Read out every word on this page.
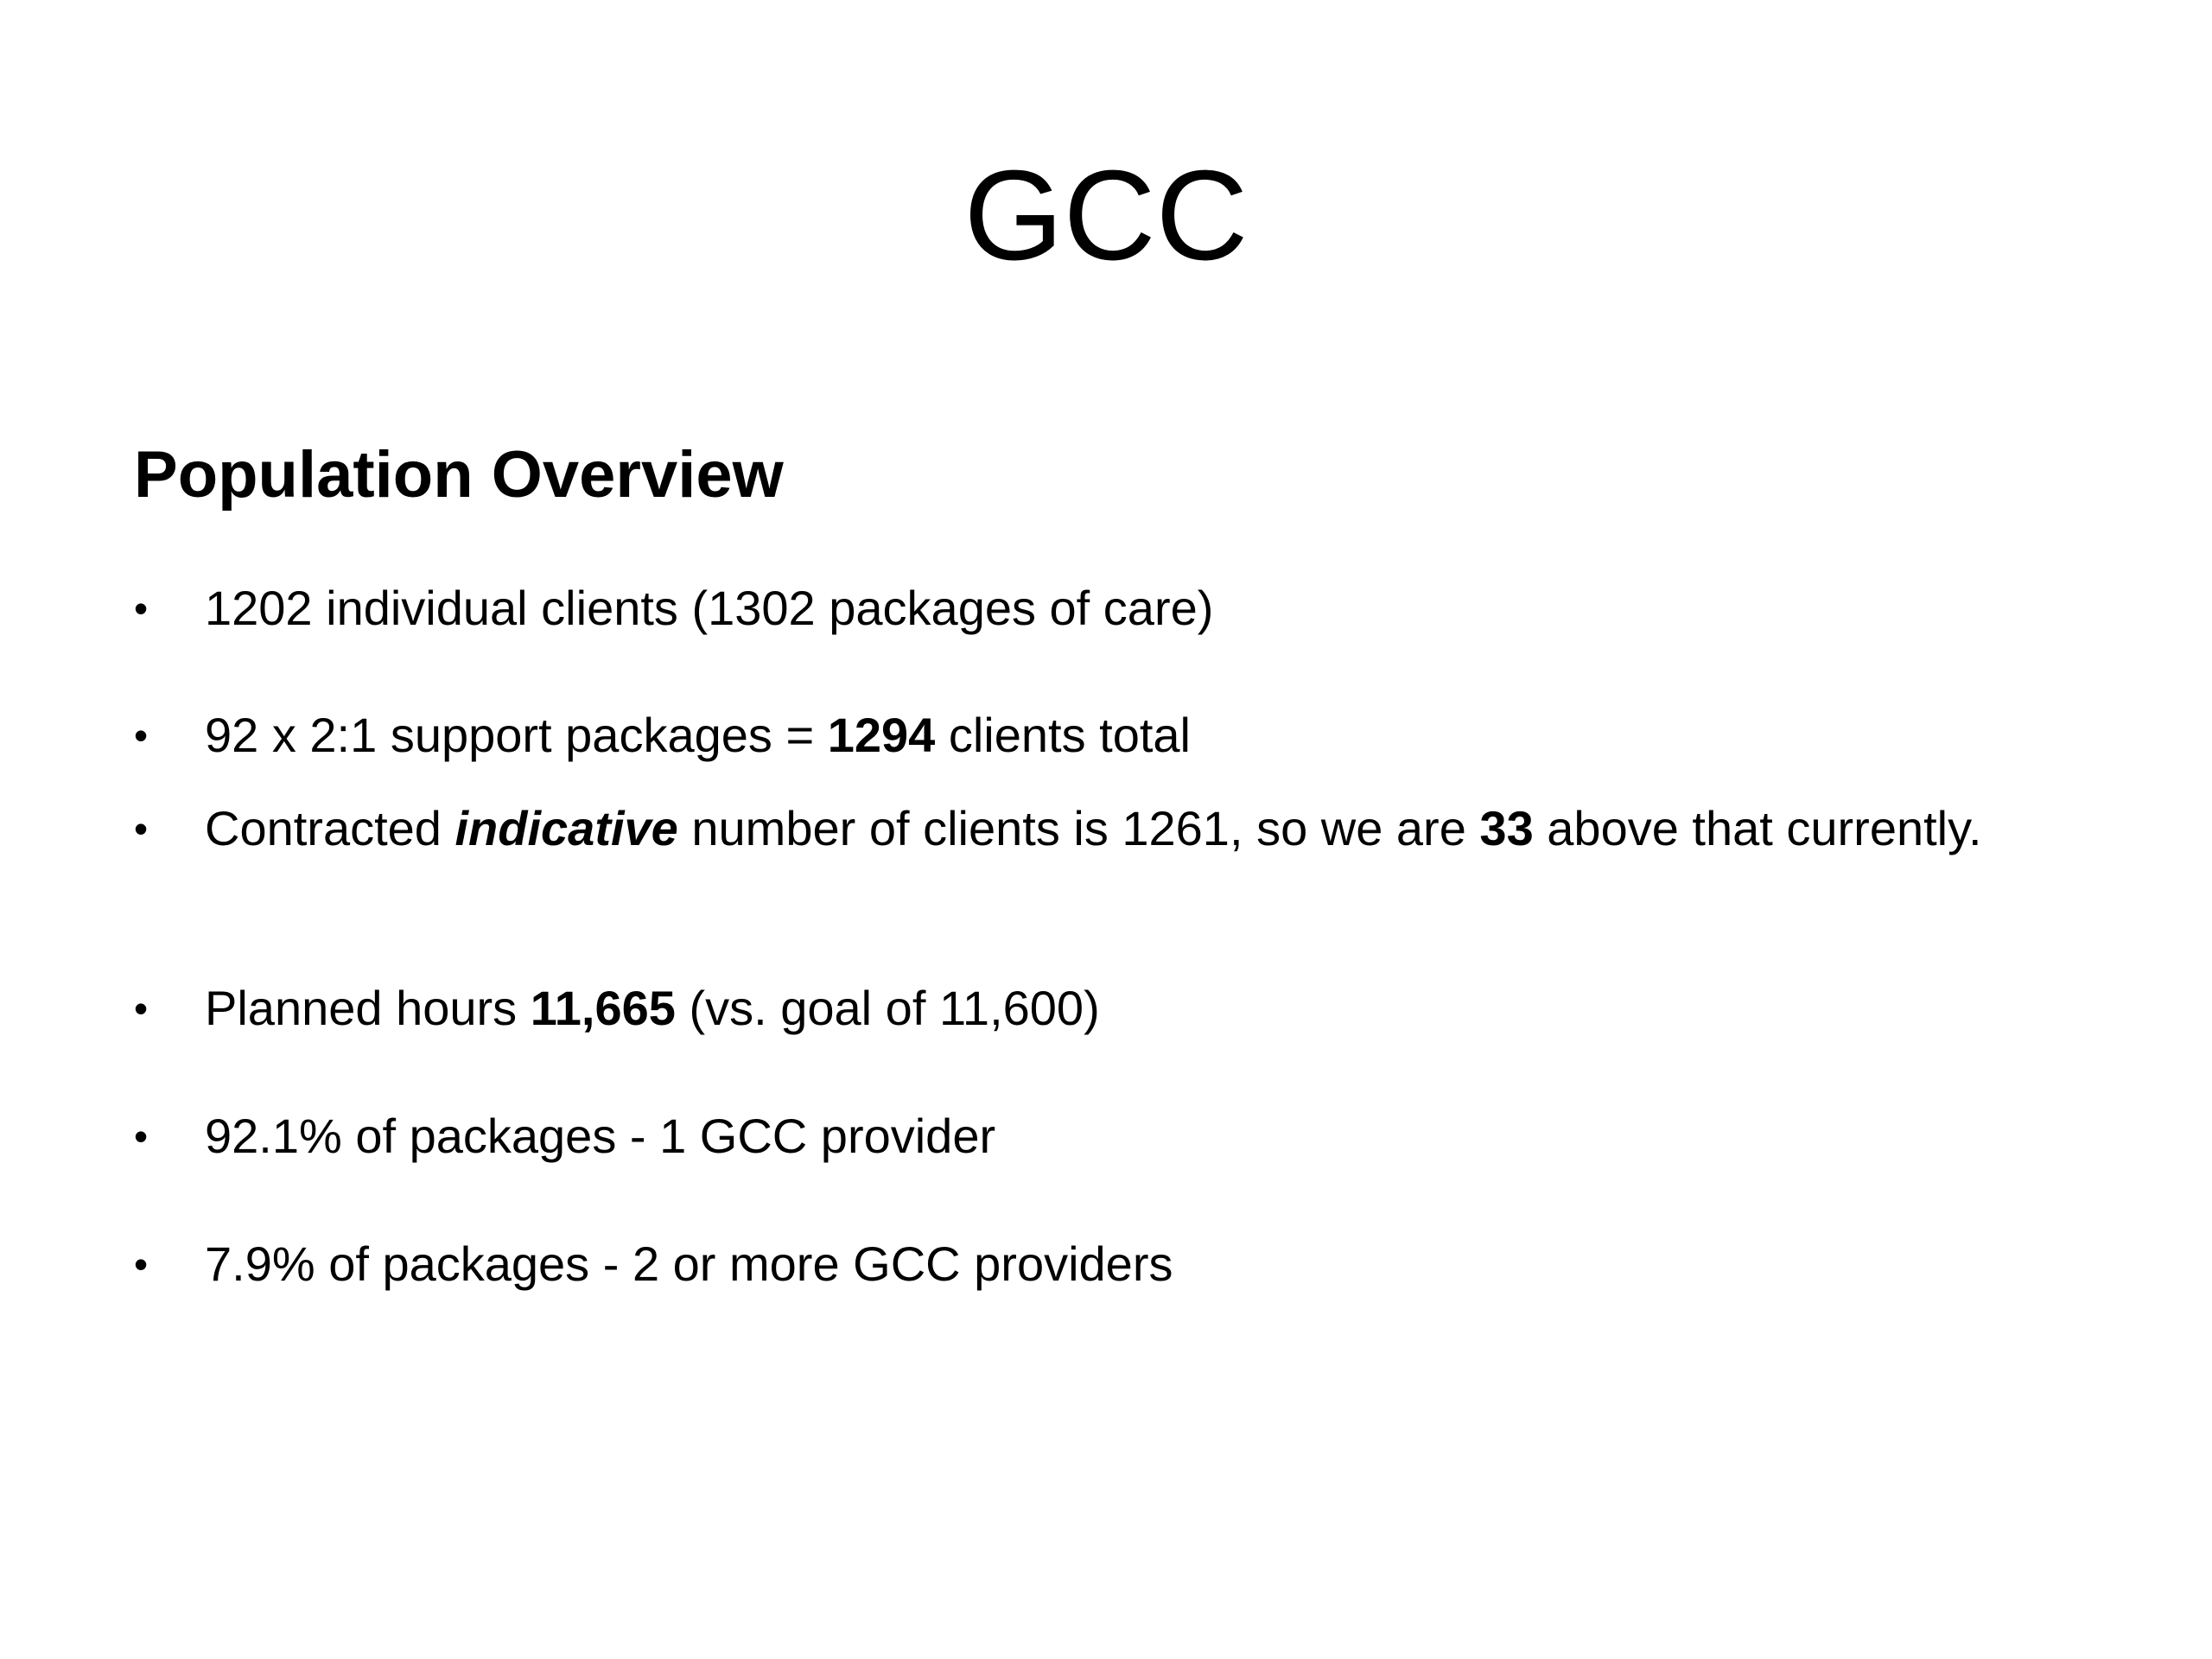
GCC
Population Overview
•	1202 individual clients (1302 packages of care)
•	92 x 2:1 support packages = 1294 clients total
•	Contracted indicative number of clients is 1261, so we are 33 above that currently.
•	Planned hours 11,665 (vs. goal of 11,600)
•	92.1% of packages - 1 GCC provider
•	7.9% of packages - 2 or more GCC providers
